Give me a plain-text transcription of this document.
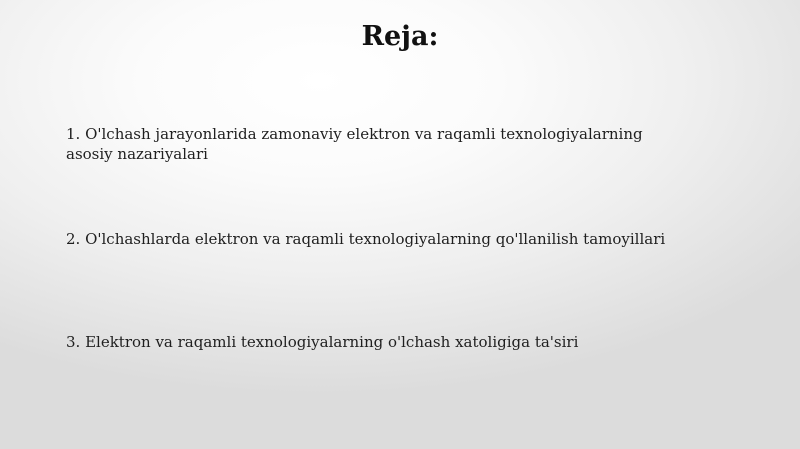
Reja:
1. O'lchash jarayonlarida zamonaviy elektron va raqamli texnologiyalarning asosiy nazariyalari
2. O'lchashlarda elektron va raqamli texnologiyalarning qo'llanilish tamoyillari
3. Elektron va raqamli texnologiyalarning o'lchash xatoligiga ta'siri
